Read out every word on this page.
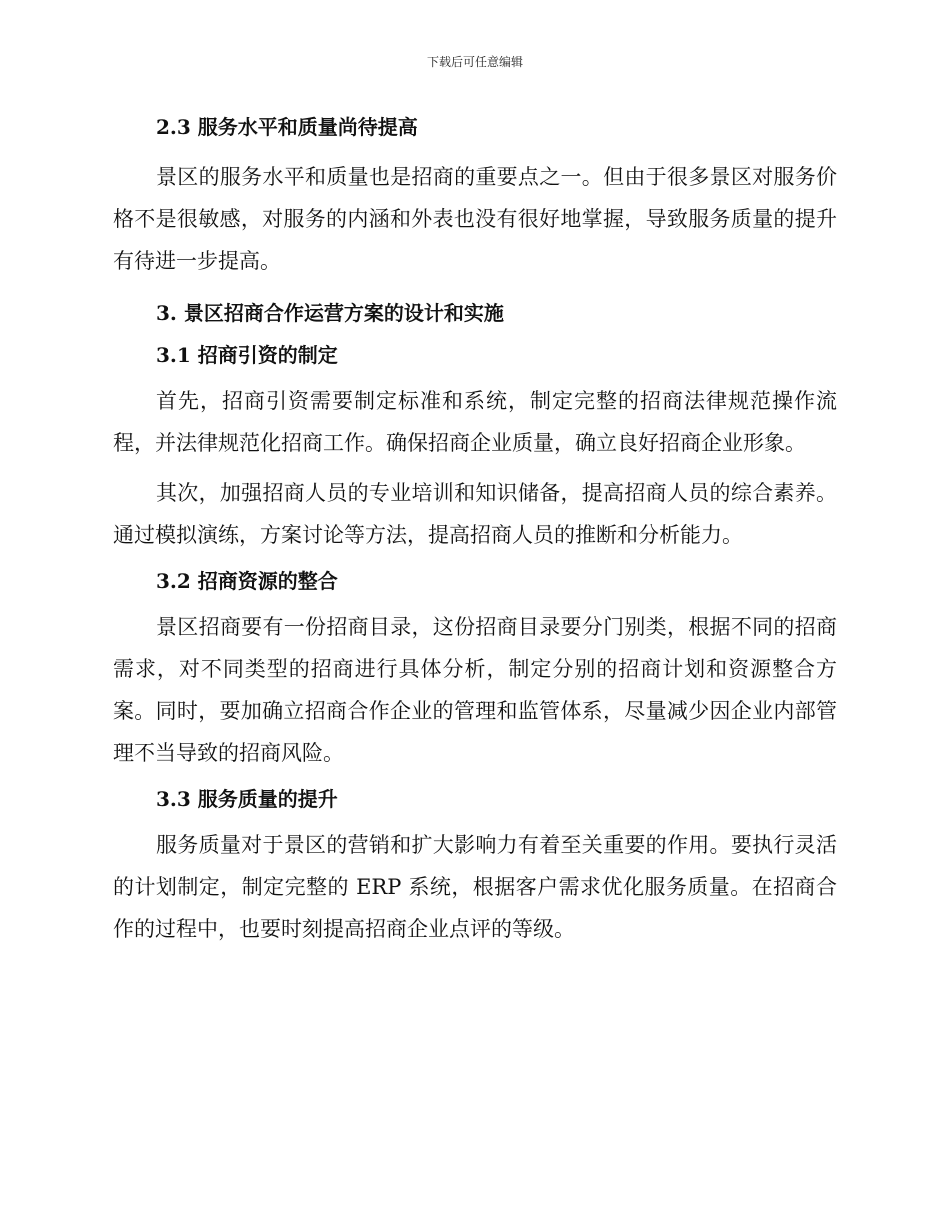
下载后可任意编辑
2.3 服务水平和质量尚待提高

景区的服务水平和质量也是招商的重要点之一。但由于很多景区对服务价格不是很敏感，对服务的内涵和外表也没有很好地掌握，导致服务质量的提升有待进一步提高。

3. 景区招商合作运营方案的设计和实施
3.1 招商引资的制定

首先，招商引资需要制定标准和系统，制定完整的招商法律规范操作流程，并法律规范化招商工作。确保招商企业质量，确立良好招商企业形象。

其次，加强招商人员的专业培训和知识储备，提高招商人员的综合素养。通过模拟演练，方案讨论等方法，提高招商人员的推断和分析能力。

3.2 招商资源的整合

景区招商要有一份招商目录，这份招商目录要分门别类，根据不同的招商需求，对不同类型的招商进行具体分析，制定分别的招商计划和资源整合方案。同时，要加确立招商合作企业的管理和监管体系，尽量减少因企业内部管理不当导致的招商风险。

3.3 服务质量的提升

服务质量对于景区的营销和扩大影响力有着至关重要的作用。要执行灵活的计划制定，制定完整的 ERP 系统，根据客户需求优化服务质量。在招商合作的过程中，也要时刻提高招商企业点评的等级。
